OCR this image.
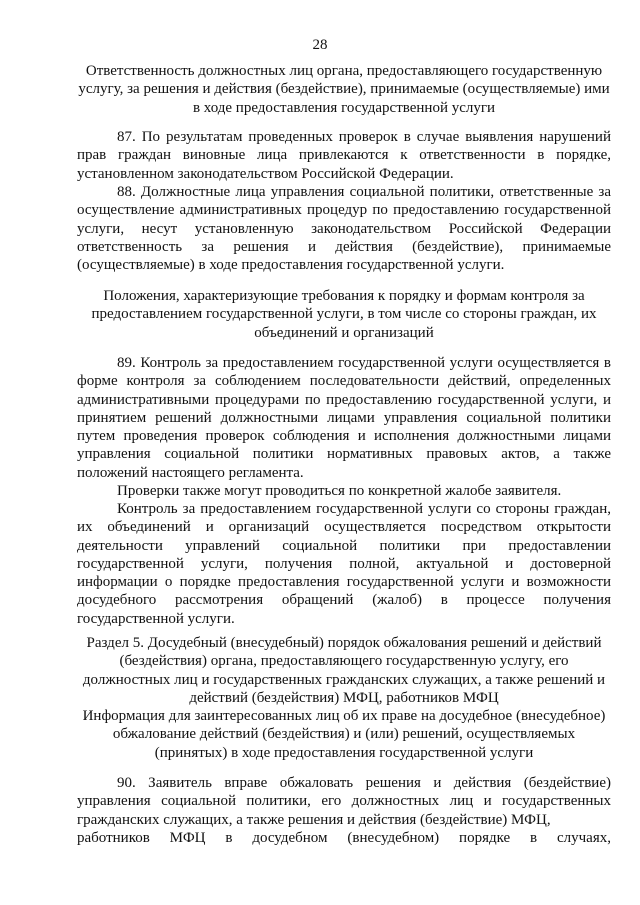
28

Ответственность должностных лиц органа, предоставляющего государственную услугу, за решения и действия (бездействие), принимаемые (осуществляемые) ими в ходе предоставления государственной услуги

87. По результатам проведенных проверок в случае выявления нарушений прав граждан виновные лица привлекаются к ответственности в порядке, установленном законодательством Российской Федерации.

88. Должностные лица управления социальной политики, ответственные за осуществление административных процедур по предоставлению государственной услуги, несут установленную законодательством Российской Федерации ответственность за решения и действия (бездействие), принимаемые (осуществляемые) в ходе предоставления государственной услуги.

Положения, характеризующие требования к порядку и формам контроля за предоставлением государственной услуги, в том числе со стороны граждан, их объединений и организаций

89. Контроль за предоставлением государственной услуги осуществляется в форме контроля за соблюдением последовательности действий, определенных административными процедурами по предоставлению государственной услуги, и принятием решений должностными лицами управления социальной политики путем проведения проверок соблюдения и исполнения должностными лицами управления социальной политики нормативных правовых актов, а также положений настоящего регламента.

Проверки также могут проводиться по конкретной жалобе заявителя.

Контроль за предоставлением государственной услуги со стороны граждан, их объединений и организаций осуществляется посредством открытости деятельности управлений социальной политики при предоставлении государственной услуги, получения полной, актуальной и достоверной информации о порядке предоставления государственной услуги и возможности досудебного рассмотрения обращений (жалоб) в процессе получения государственной услуги.

Раздел 5. Досудебный (внесудебный) порядок обжалования решений и действий
(бездействия) органа, предоставляющего государственную услугу, его
должностных лиц и государственных гражданских служащих, а также решений и
действий (бездействия) МФЦ, работников МФЦ
Информация для заинтересованных лиц об их праве на досудебное (внесудебное)
обжалование действий (бездействия) и (или) решений, осуществляемых
(принятых) в ходе предоставления государственной услуги

90. Заявитель вправе обжаловать решения и действия (бездействие) управления социальной политики, его должностных лиц и государственных гражданских служащих, а также решения и действия (бездействие) МФЦ,

работников МФЦ в досудебном (внесудебном) порядке в случаях,
